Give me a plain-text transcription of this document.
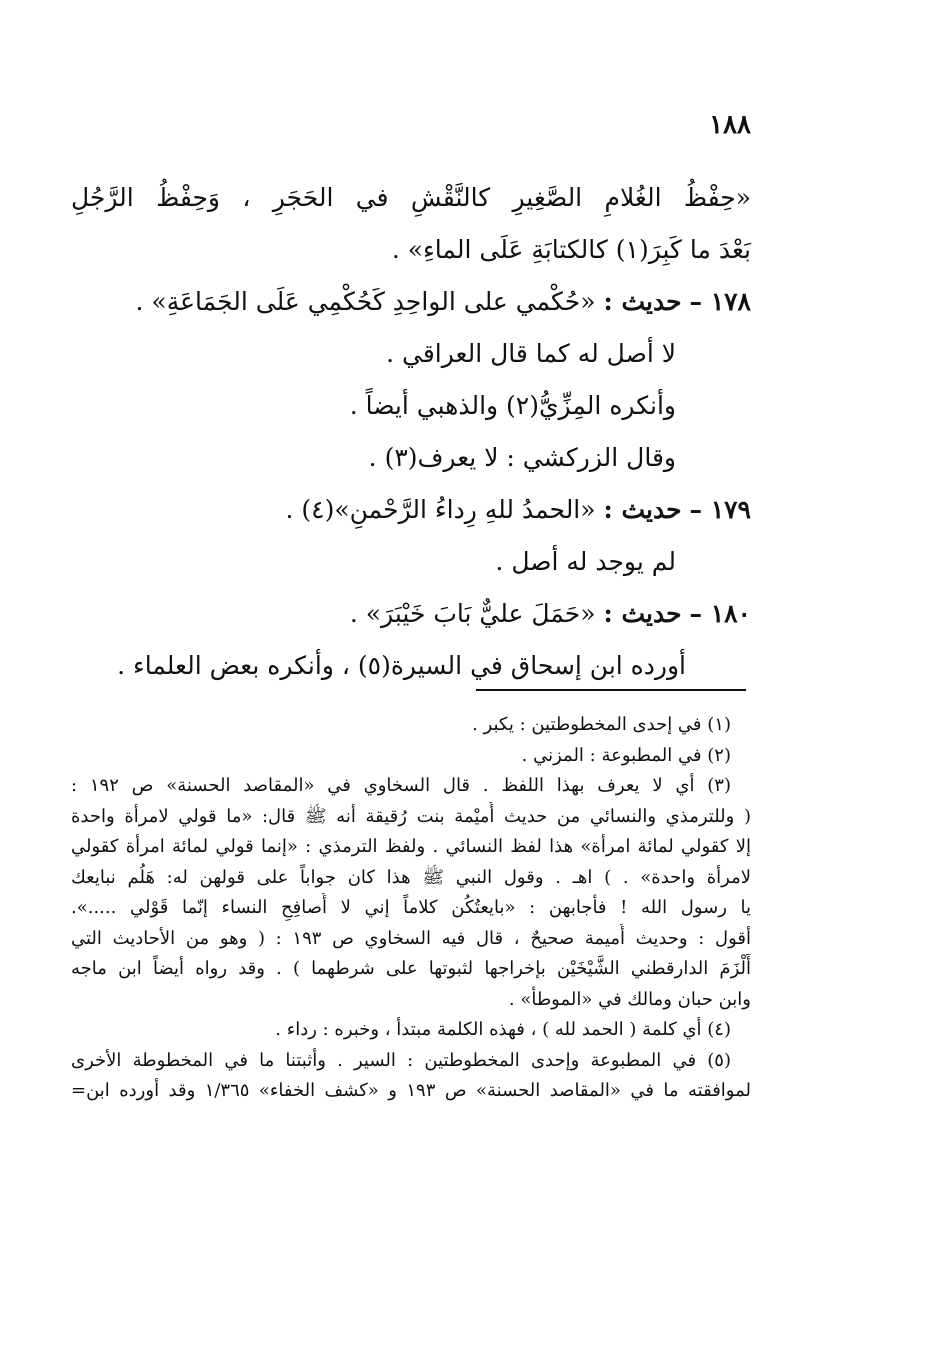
١٨٨
«حِفْظُ الغُلامِ الصَّغِيرِ كالنَّقْشِ في الحَجَرِ ، وَحِفْظُ الرَّجُلِ
بَعْدَ ما كَبِرَ(١) كالكتابَةِ عَلَى الماءِ» .
١٧٨ – حديث : «حُكْمي على الواحِدِ كَحُكْمِي عَلَى الجَمَاعَةِ» .
لا أصل له كما قال العراقي .
وأنكره المِزِّيُّ(٢) والذهبي أيضاً .
وقال الزركشي : لا يعرف(٣) .
١٧٩ – حديث : «الحمدُ للهِ رِداءُ الرَّحْمنِ»(٤) .
لم يوجد له أصل .
١٨٠ – حديث : «حَمَلَ عليٌّ بَابَ خَيْبَرَ» .
أورده ابن إسحاق في السيرة(٥) ، وأنكره بعض العلماء .
(١) في إحدى المخطوطتين : يكبر .
(٢) في المطبوعة : المزني .
(٣) أي لا يعرف بهذا اللفظ . قال السخاوي في «المقاصد الحسنة» ص ١٩٢ :
( وللترمذي والنسائي من حديث أُميْمة بنت رُقيقة أنه ﷺ قال: «ما قولي لامرأة واحدة
إلا كقولي لمائة امرأة» هذا لفظ النسائي . ولفظ الترمذي : «إنما قولي لمائة امرأة كقولي
لامرأة واحدة» . ) اهـ . وقول النبي ﷺ هذا كان جواباً على قولهن له: هَلُم نبايعك
يا رسول الله ! فأجابهن : «بايعتُكُن كلاماً إني لا أُصافِحِ النساء إنّما قَوْلي .....».
أقول : وحديث أُميمة صحيحٌ ، قال فيه السخاوي ص ١٩٣ : ( وهو من الأحاديث التي
أَلْزَمَ الدارقطني الشَّيْخَيْن بإخراجها لثبوتها على شرطهما ) . وقد رواه أيضاً ابن ماجه
وابن حبان ومالك في «الموطأ» .
(٤) أي كلمة ( الحمد لله ) ، فهذه الكلمة مبتدأ ، وخبره : رداء .
(٥) في المطبوعة وإحدى المخطوطتين : السير . وأثبتنا ما في المخطوطة الأخرى
لموافقته ما في «المقاصد الحسنة» ص ١٩٣ و «كشف الخفاء» ١/٣٦٥ وقد أورده ابن=
